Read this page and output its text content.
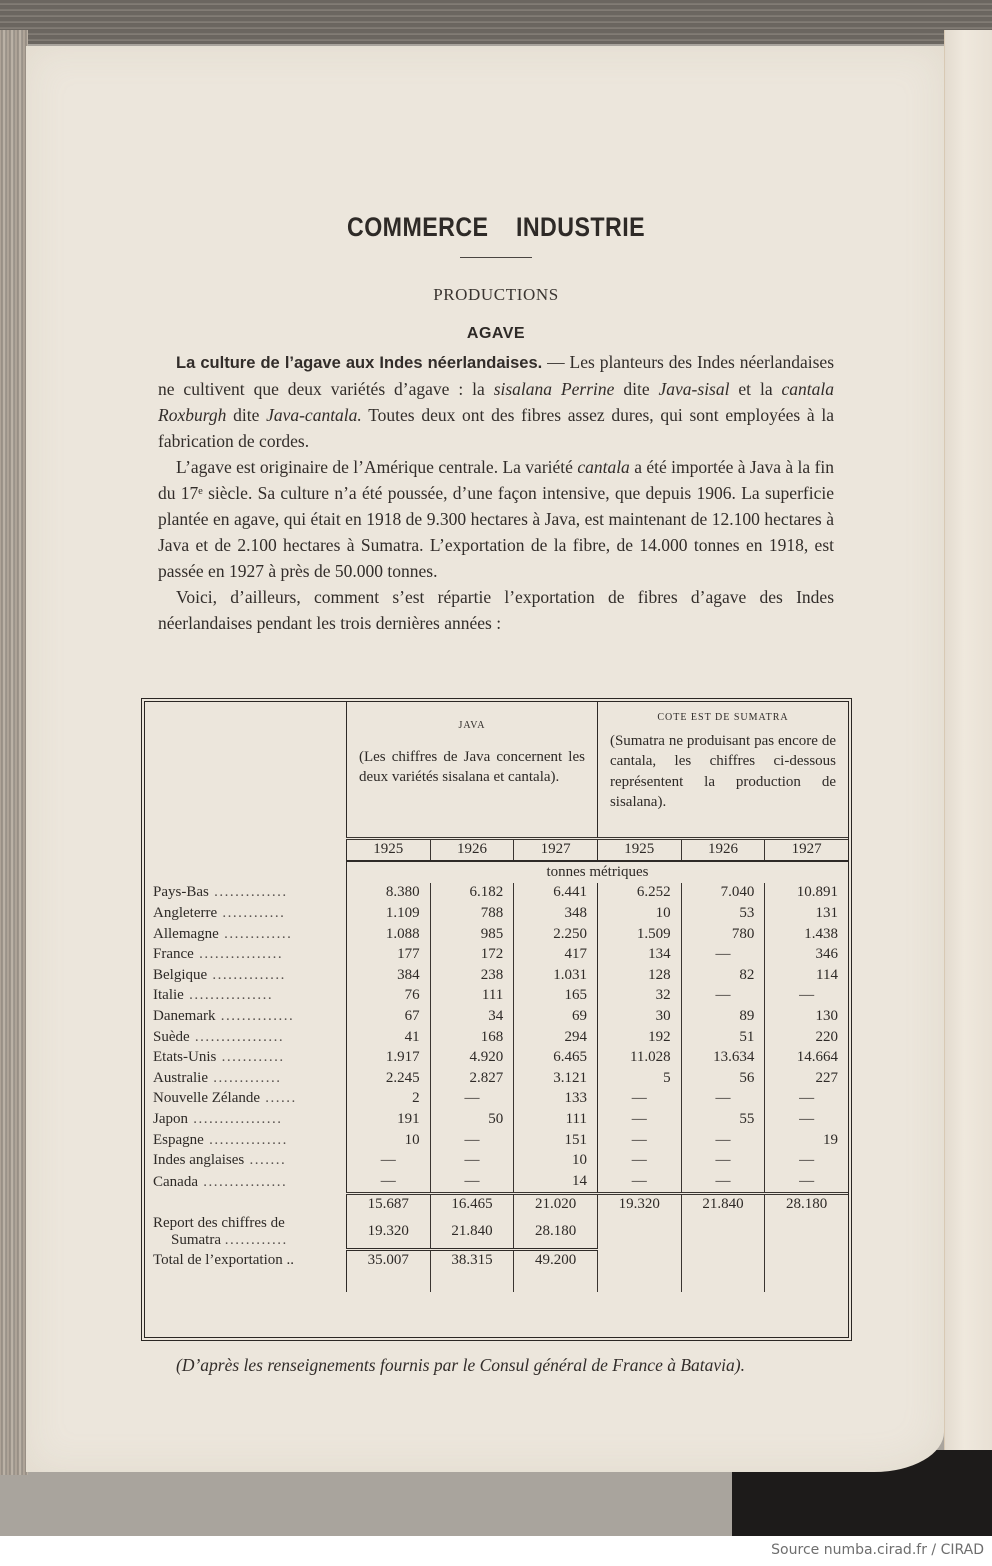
COMMERCE  INDUSTRIE
PRODUCTIONS
AGAVE

La culture de l’agave aux Indes néerlandaises. — Les planteurs des Indes néerlandaises ne cultivent que deux variétés d’agave : la sisalana Perrine dite Java-sisal et la cantala Roxburgh dite Java-cantala. Toutes deux ont des fibres assez dures, qui sont employées à la fabrication de cordes.

L’agave est originaire de l’Amérique centrale. La variété cantala a été importée à Java à la fin du 17ᵉ siècle. Sa culture n’a été poussée, d’une façon intensive, que depuis 1906. La superficie plantée en agave, qui était en 1918 de 9.300 hectares à Java, est maintenant de 12.100 hectares à Java et de 2.100 hectares à Sumatra. L’exportation de la fibre, de 14.000 tonnes en 1918, est passée en 1927 à près de 50.000 tonnes.

Voici, d’ailleurs, comment s’est répartie l’exportation de fibres d’agave des Indes néerlandaises pendant les trois dernières années :

JAVA
(Les chiffres de Java concernent les deux variétés sisalana et cantala).

COTE EST DE SUMATRA
(Sumatra ne produisant pas encore de cantala, les chiffres ci-dessous représentent la production de sisalana).

	1925	1926	1927	1925	1926	1927
	tonnes métriques					
Pays-Bas ..............	8.380	6.182	6.441	6.252	7.040	10.891
Angleterre ............	1.109	788	348	10	53	131
Allemagne .............	1.088	985	2.250	1.509	780	1.438
France ................	177	172	417	134	—	346
Belgique ..............	384	238	1.031	128	82	114
Italie ................	76	111	165	32	—	—
Danemark ..............	67	34	69	30	89	130
Suède .................	41	168	294	192	51	220
Etats-Unis ............	1.917	4.920	6.465	11.028	13.634	14.664
Australie .............	2.245	2.827	3.121	5	56	227
Nouvelle Zélande ......	2	—	133	—	—	—
Japon .................	191	50	111	—	55	—
Espagne ...............	10	—	151	—	—	19
Indes anglaises .......	—	—	10	—	—	—
Canada ................	—	—	14	—	—	—
	15.687	16.465	21.020	19.320	21.840	28.180

Report des chiffres de
Sumatra ............	19.320	21.840	28.180			
Total de l’exportation ..	35.007	38.315	49.200			

(D’après les renseignements fournis par le Consul général de France à Batavia).
Source numba.cirad.fr / CIRAD
